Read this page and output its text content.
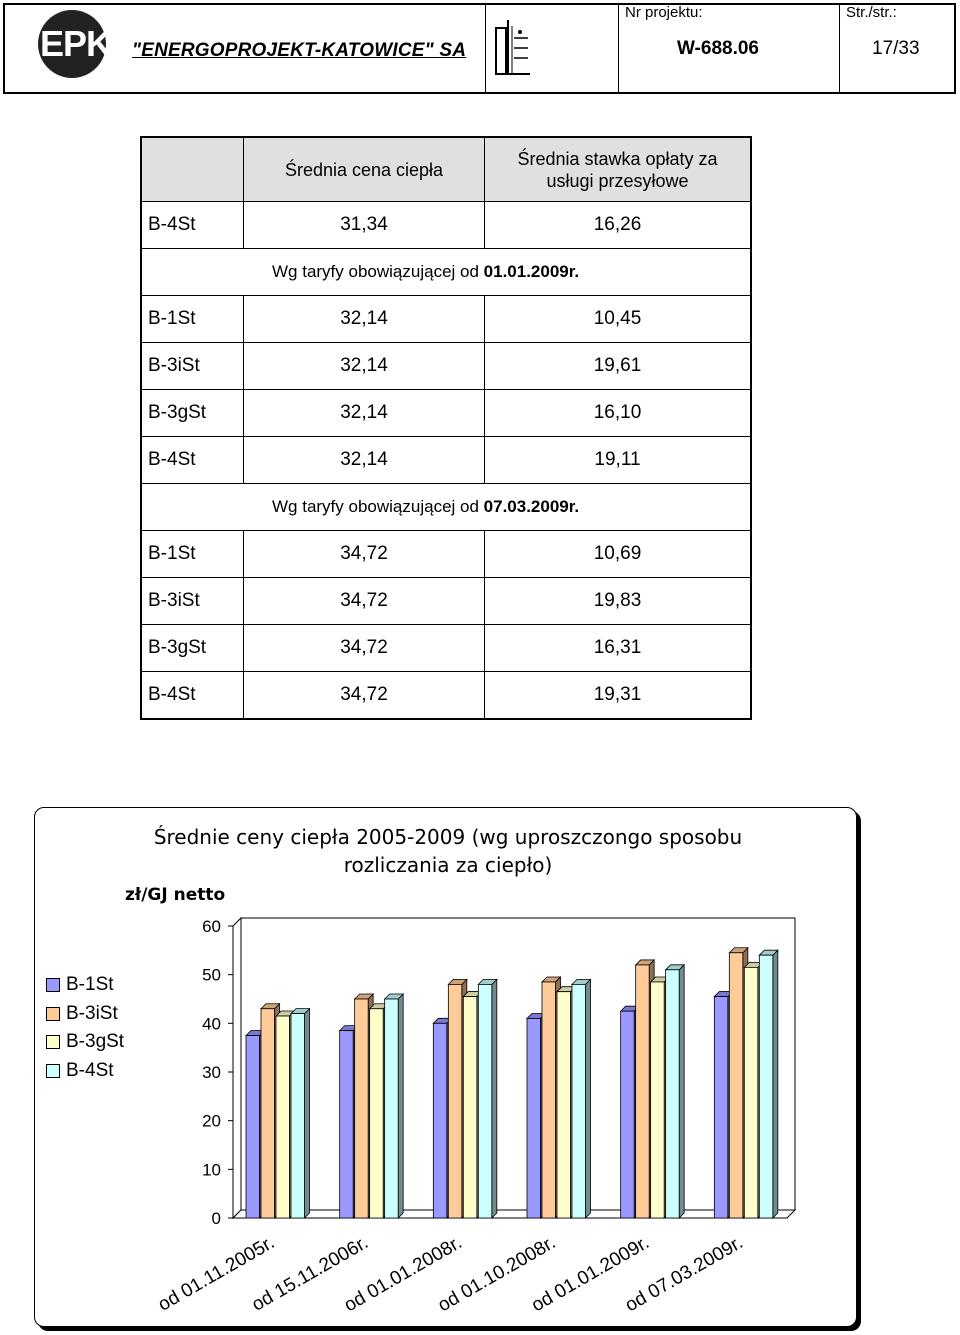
EPK "ENERGOPROJEKT-KATOWICE" SA
Nr projektu:
W-688.06
Str./str.:
17/33
	Średnia cena ciepła	Średnia stawka opłaty za
usługi przesyłowe
B-4St	31,34	16,26
Wg taryfy obowiązującej od 01.01.2009r.		
B-1St	32,14	10,45
B-3iSt	32,14	19,61
B-3gSt	32,14	16,10
B-4St	32,14	19,11
Wg taryfy obowiązującej od 07.03.2009r.		
B-1St	34,72	10,69
B-3iSt	34,72	19,83
B-3gSt	34,72	16,31
B-4St	34,72	19,31
Średnie ceny ciepła 2005-2009 (wg uproszczongo sposobu
rozliczania za ciepło)
zł/GJ netto
B-1St
B-3iSt
B-3gSt
B-4St
0
10
20
30
40
50
60
od 01.11.2005r.
od 15.11.2006r.
od 01.01.2008r.
od 01.10.2008r.
od 01.01.2009r.
od 07.03.2009r.
